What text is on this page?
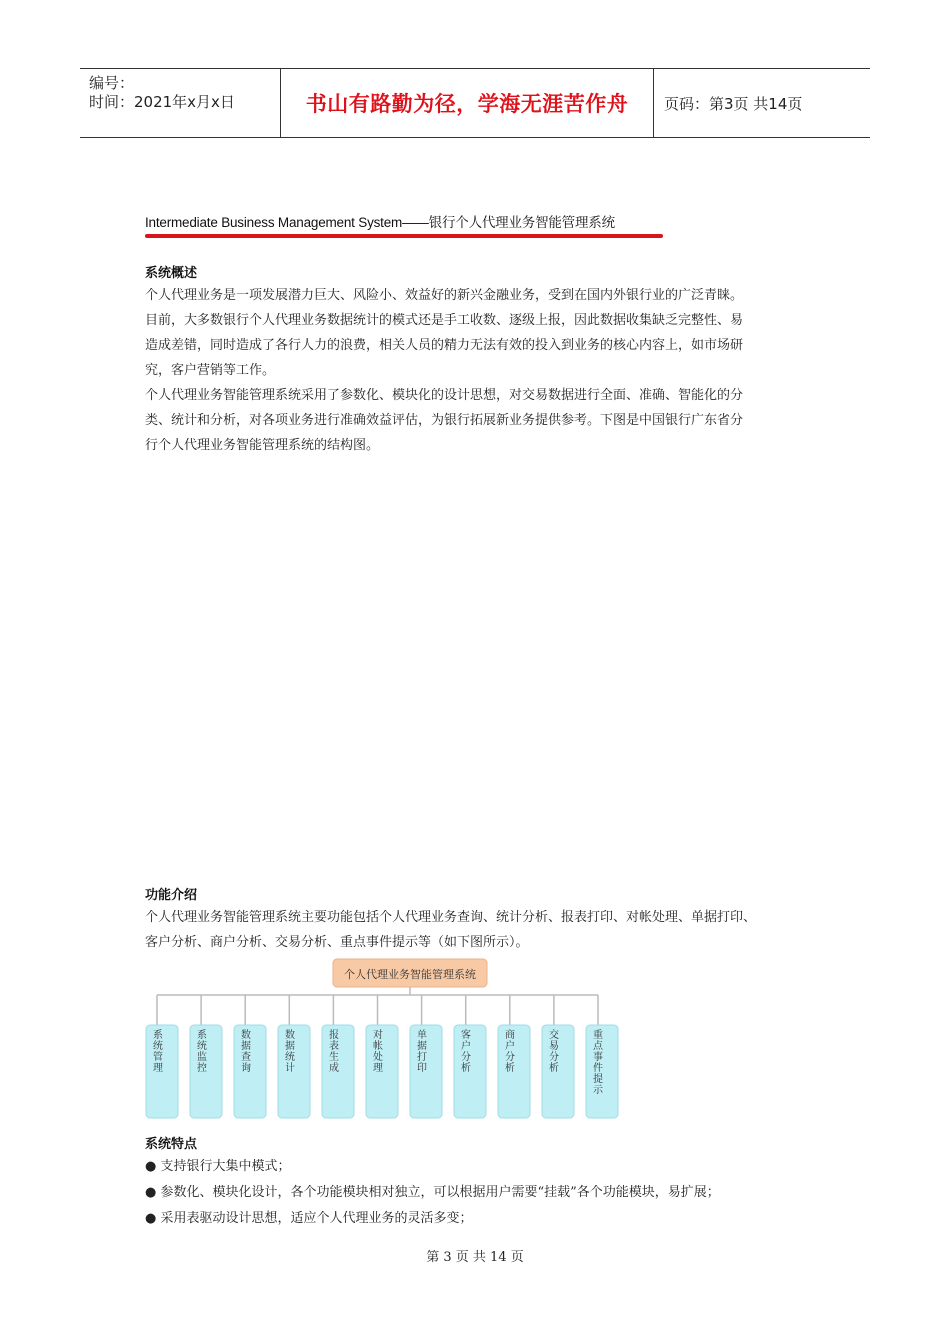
编号：
时间：2021年x月x日	书山有路勤为径，学海无涯苦作舟 页码：第3页 共14页
Intermediate Business Management System——银行个人代理业务智能管理系统
系统概述
个人代理业务是一项发展潜力巨大、风险小、效益好的新兴金融业务，受到在国内外银行业的广泛青睐。
目前，大多数银行个人代理业务数据统计的模式还是手工收数、逐级上报，因此数据收集缺乏完整性、易
造成差错，同时造成了各行人力的浪费，相关人员的精力无法有效的投入到业务的核心内容上，如市场研
究，客户营销等工作。
个人代理业务智能管理系统采用了参数化、模块化的设计思想，对交易数据进行全面、准确、智能化的分
类、统计和分析，对各项业务进行准确效益评估，为银行拓展新业务提供参考。下图是中国银行广东省分
行个人代理业务智能管理系统的结构图。
功能介绍
个人代理业务智能管理系统主要功能包括个人代理业务查询、统计分析、报表打印、对帐处理、单据打印、
客户分析、商户分析、交易分析、重点事件提示等（如下图所示）。
个人代理业务智能管理系统
系
统
管
理
系
统
监
控
数
据
查
询
数
据
统
计
报
表
生
成
对
帐
处
理
单
据
打
印
客
户
分
析
商
户
分
析
交
易
分
析
重
点
事
件
提
示
系统特点
● 支持银行大集中模式；
● 参数化、模块化设计，各个功能模块相对独立，可以根据用户需要“挂载”各个功能模块，易扩展；
● 采用表驱动设计思想，适应个人代理业务的灵活多变；
第 3 页 共 14 页
